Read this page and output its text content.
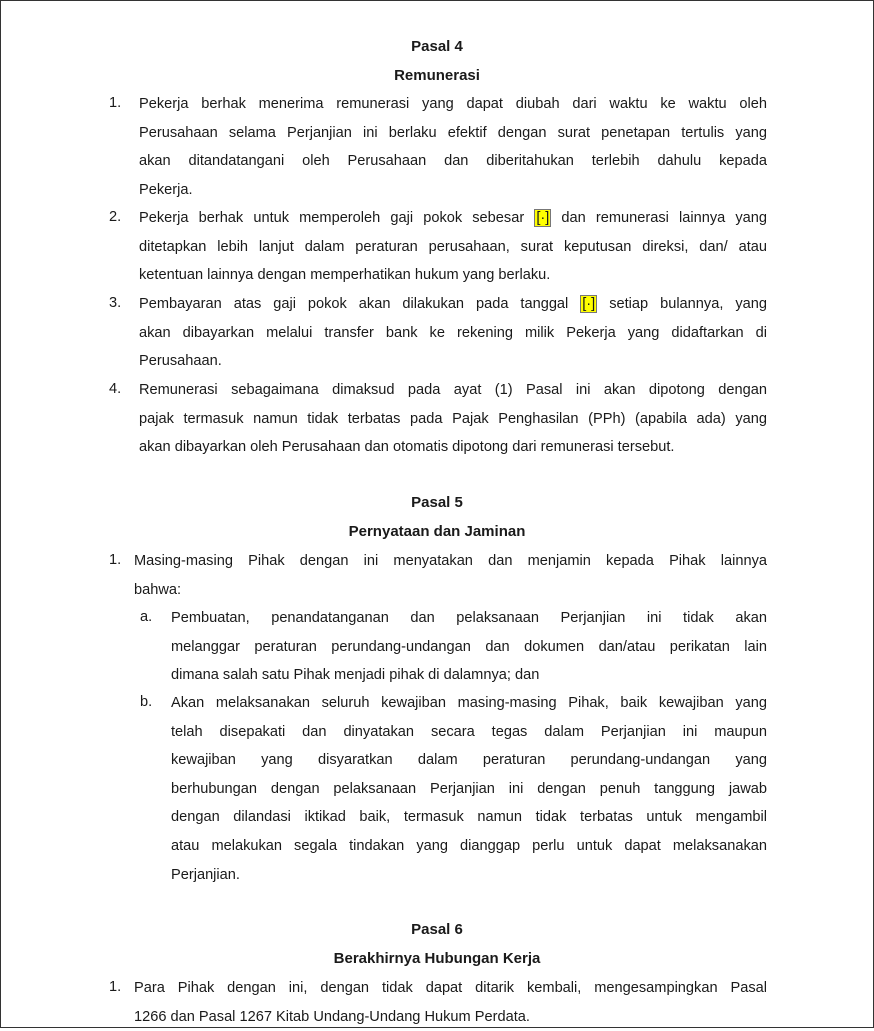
Pasal 4
Remunerasi
1. Pekerja berhak menerima remunerasi yang dapat diubah dari waktu ke waktu oleh
Perusahaan selama Perjanjian ini berlaku efektif dengan surat penetapan tertulis yang
akan ditandatangani oleh Perusahaan dan diberitahukan terlebih dahulu kepada
Pekerja.
2. Pekerja berhak untuk memperoleh gaji pokok sebesar [·] dan remunerasi lainnya yang
ditetapkan lebih lanjut dalam peraturan perusahaan, surat keputusan direksi, dan/ atau
ketentuan lainnya dengan memperhatikan hukum yang berlaku.
3. Pembayaran atas gaji pokok akan dilakukan pada tanggal [·] setiap bulannya, yang
akan dibayarkan melalui transfer bank ke rekening milik Pekerja yang didaftarkan di
Perusahaan.
4. Remunerasi sebagaimana dimaksud pada ayat (1) Pasal ini akan dipotong dengan
pajak termasuk namun tidak terbatas pada Pajak Penghasilan (PPh) (apabila ada) yang
akan dibayarkan oleh Perusahaan dan otomatis dipotong dari remunerasi tersebut.
Pasal 5
Pernyataan dan Jaminan
1. Masing-masing Pihak dengan ini menyatakan dan menjamin kepada Pihak lainnya
bahwa:
a. Pembuatan, penandatanganan dan pelaksanaan Perjanjian ini tidak akan
melanggar peraturan perundang-undangan dan dokumen dan/atau perikatan lain
dimana salah satu Pihak menjadi pihak di dalamnya; dan
b. Akan melaksanakan seluruh kewajiban masing-masing Pihak, baik kewajiban yang
telah disepakati dan dinyatakan secara tegas dalam Perjanjian ini maupun
kewajiban yang disyaratkan dalam peraturan perundang-undangan yang
berhubungan dengan pelaksanaan Perjanjian ini dengan penuh tanggung jawab
dengan dilandasi iktikad baik, termasuk namun tidak terbatas untuk mengambil
atau melakukan segala tindakan yang dianggap perlu untuk dapat melaksanakan
Perjanjian.
Pasal 6
Berakhirnya Hubungan Kerja
1. Para Pihak dengan ini, dengan tidak dapat ditarik kembali, mengesampingkan Pasal
1266 dan Pasal 1267 Kitab Undang-Undang Hukum Perdata.
